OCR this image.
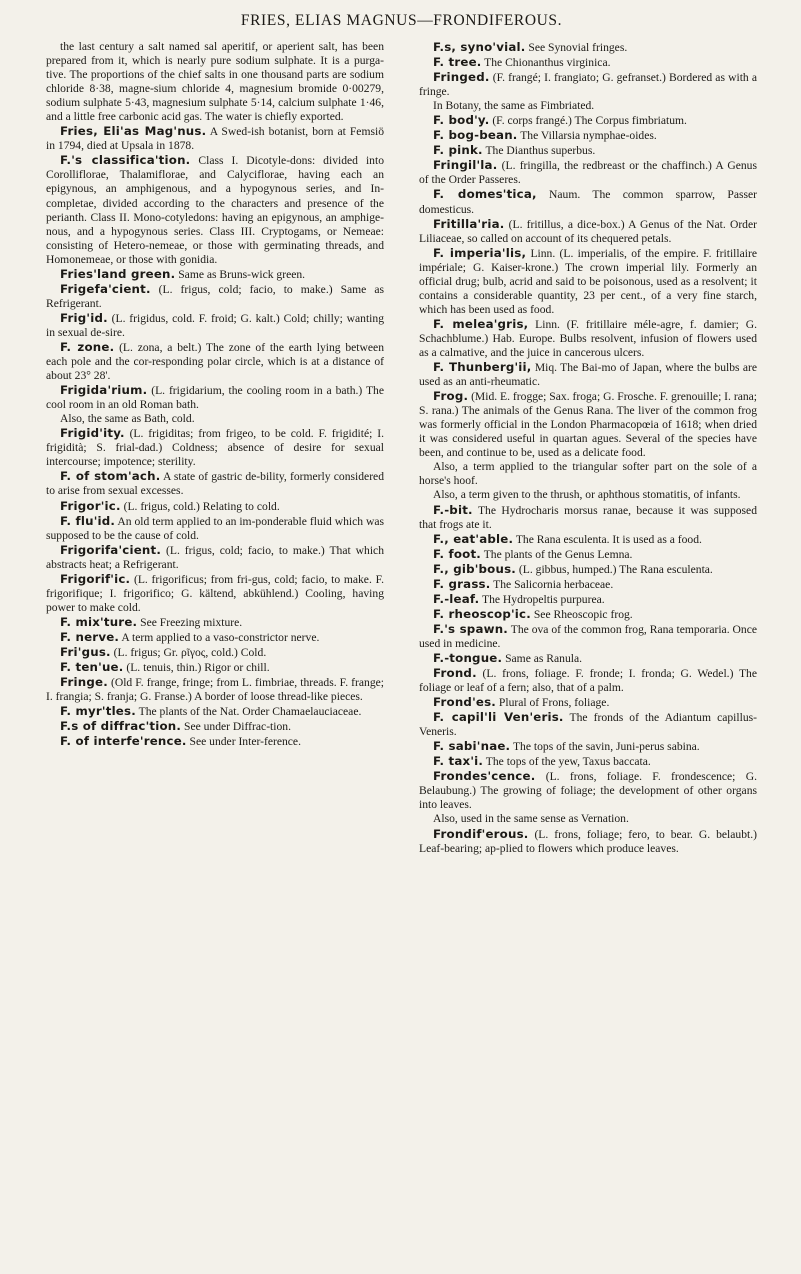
FRIES, ELIAS MAGNUS—FRONDIFEROUS.

the last century a salt named sal aperitif, or aperient salt, has been prepared from it, which is nearly pure sodium sulphate. It is a purga-tive. The proportions of the chief salts in one thousand parts are sodium chloride 8·38, magne-sium chloride 4, magnesium bromide 0·00279, sodium sulphate 5·43, magnesium sulphate 5·14, calcium sulphate 1·46, and a little free carbonic acid gas. The water is chiefly exported.

Fries, Eli'as Mag'nus. A Swed-ish botanist, born at Femsiö in 1794, died at Upsala in 1878.

F.'s classifica'tion. Class I. Dicotyle-dons: divided into Corolliflorae, Thalamiflorae, and Calyciflorae, having each an epigynous, an amphigenous, and a hypogynous series, and In-completae, divided according to the characters and presence of the perianth. Class II. Mono-cotyledons: having an epigynous, an amphige-nous, and a hypogynous series. Class III. Cryptogams, or Nemeae: consisting of Hetero-nemeae, or those with germinating threads, and Homonemeae, or those with gonidia.

Fries'land green. Same as Bruns-wick green.

Frigefa'cient. (L. frigus, cold; facio, to make.) Same as Refrigerant.

Frig'id. (L. frigidus, cold. F. froid; G. kalt.) Cold; chilly; wanting in sexual de-sire.

F. zone. (L. zona, a belt.) The zone of the earth lying between each pole and the cor-responding polar circle, which is at a distance of about 23° 28'.

Frigida'rium. (L. frigidarium, the cooling room in a bath.) The cool room in an old Roman bath.

Also, the same as Bath, cold.

Frigid'ity. (L. frigiditas; from frigeo, to be cold. F. frigidité; I. frigidità; S. frial-dad.) Coldness; absence of desire for sexual intercourse; impotence; sterility.

F. of stom'ach. A state of gastric de-bility, formerly considered to arise from sexual excesses.

Frigor'ic. (L. frigus, cold.) Relating to cold.

F. flu'id. An old term applied to an im-ponderable fluid which was supposed to be the cause of cold.

Frigorifa'cient. (L. frigus, cold; facio, to make.) That which abstracts heat; a Refrigerant.

Frigorif'ic. (L. frigorificus; from fri-gus, cold; facio, to make. F. frigorifique; I. frigorifico; G. kältend, abkühlend.) Cooling, having power to make cold.

F. mix'ture. See Freezing mixture.

F. nerve. A term applied to a vaso-constrictor nerve.

Fri'gus. (L. frigus; Gr. ρῖγος, cold.) Cold.

F. ten'ue. (L. tenuis, thin.) Rigor or chill.

Fringe. (Old F. frange, fringe; from L. fimbriae, threads. F. frange; I. frangia; S. franja; G. Franse.) A border of loose thread-like pieces.

F. myr'tles. The plants of the Nat. Order Chamaelauciaceae.

F.s of diffrac'tion. See under Diffrac-tion.

F. of interfe'rence. See under Inter-ference.

F.s, syno'vial. See Synovial fringes.

F. tree. The Chionanthus virginica.

Fringed. (F. frangé; I. frangiato; G. gefranset.) Bordered as with a fringe.

In Botany, the same as Fimbriated.

F. bod'y. (F. corps frangé.) The Corpus fimbriatum.

F. bog-bean. The Villarsia nymphae-oides.

F. pink. The Dianthus superbus.

Fringil'la. (L. fringilla, the redbreast or the chaffinch.) A Genus of the Order Passeres.

F. domes'tica, Naum. The common sparrow, Passer domesticus.

Fritilla'ria. (L. fritillus, a dice-box.) A Genus of the Nat. Order Liliaceae, so called on account of its chequered petals.

F. imperia'lis, Linn. (L. imperialis, of the empire. F. fritillaire impériale; G. Kaiser-krone.) The crown imperial lily. Formerly an official drug; bulb, acrid and said to be poisonous, used as a resolvent; it contains a considerable quantity, 23 per cent., of a very fine starch, which has been used as food.

F. melea'gris, Linn. (F. fritillaire méle-agre, f. damier; G. Schachblume.) Hab. Europe. Bulbs resolvent, infusion of flowers used as a calmative, and the juice in cancerous ulcers.

F. Thunberg'ii, Miq. The Bai-mo of Japan, where the bulbs are used as an anti-rheumatic.

Frog. (Mid. E. frogge; Sax. froga; G. Frosche. F. grenouille; I. rana; S. rana.) The animals of the Genus Rana. The liver of the common frog was formerly official in the London Pharmacopœia of 1618; when dried it was considered useful in quartan agues. Several of the species have been, and continue to be, used as a delicate food.

Also, a term applied to the triangular softer part on the sole of a horse's hoof.

Also, a term given to the thrush, or aphthous stomatitis, of infants.

F.-bit. The Hydrocharis morsus ranae, because it was supposed that frogs ate it.

F., eat'able. The Rana esculenta. It is used as a food.

F. foot. The plants of the Genus Lemna.

F., gib'bous. (L. gibbus, humped.) The Rana esculenta.

F. grass. The Salicornia herbaceae.

F.-leaf. The Hydropeltis purpurea.

F. rheoscop'ic. See Rheoscopic frog.

F.'s spawn. The ova of the common frog, Rana temporaria. Once used in medicine.

F.-tongue. Same as Ranula.

Frond. (L. frons, foliage. F. fronde; I. fronda; G. Wedel.) The foliage or leaf of a fern; also, that of a palm.

Frond'es. Plural of Frons, foliage.

F. capil'li Ven'eris. The fronds of the Adiantum capillus-Veneris.

F. sabi'nae. The tops of the savin, Juni-perus sabina.

F. tax'i. The tops of the yew, Taxus baccata.

Frondes'cence. (L. frons, foliage. F. frondescence; G. Belaubung.) The growing of foliage; the development of other organs into leaves.

Also, used in the same sense as Vernation.

Frondif'erous. (L. frons, foliage; fero, to bear. G. belaubt.) Leaf-bearing; ap-plied to flowers which produce leaves.
